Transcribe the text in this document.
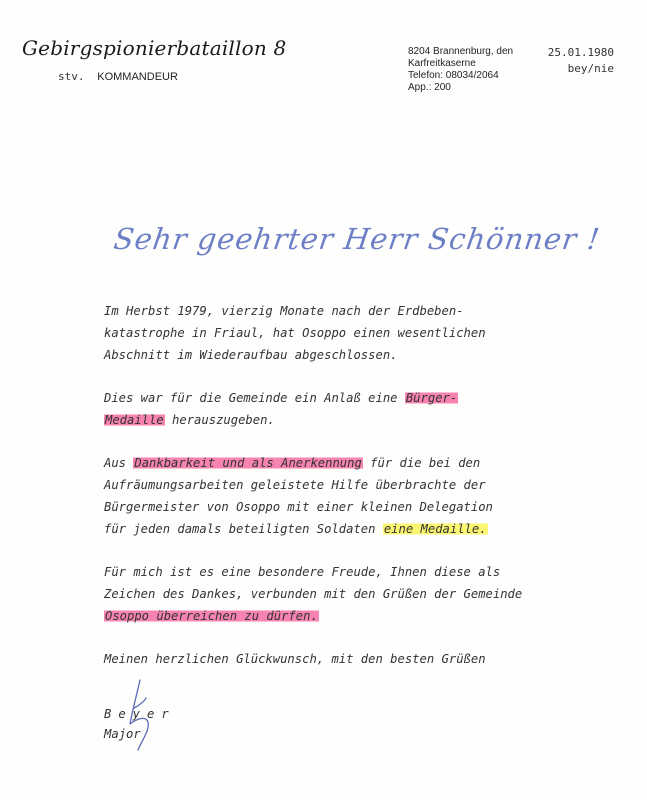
Gebirgspionierbataillon 8
stv. KOMMANDEUR
8204 Brannenburg, den
Karfreitkaserne
Telefon: 08034/2064
App.: 200
25.01.1980
bey/nie
Sehr geehrter Herr Schönner !
Im Herbst 1979, vierzig Monate nach der Erdbeben-
katastrophe in Friaul, hat Osoppo einen wesentlichen
Abschnitt im Wiederaufbau abgeschlossen.
Dies war für die Gemeinde ein Anlaß eine Bürger-
Medaille herauszugeben.
Aus Dankbarkeit und als Anerkennung für die bei den
Aufräumungsarbeiten geleistete Hilfe überbrachte der
Bürgermeister von Osoppo mit einer kleinen Delegation
für jeden damals beteiligten Soldaten eine Medaille.
Für mich ist es eine besondere Freude, Ihnen diese als
Zeichen des Dankes, verbunden mit den Grüßen der Gemeinde
Osoppo überreichen zu dürfen.
Meinen herzlichen Glückwunsch, mit den besten Grüßen
Beyer
Major
